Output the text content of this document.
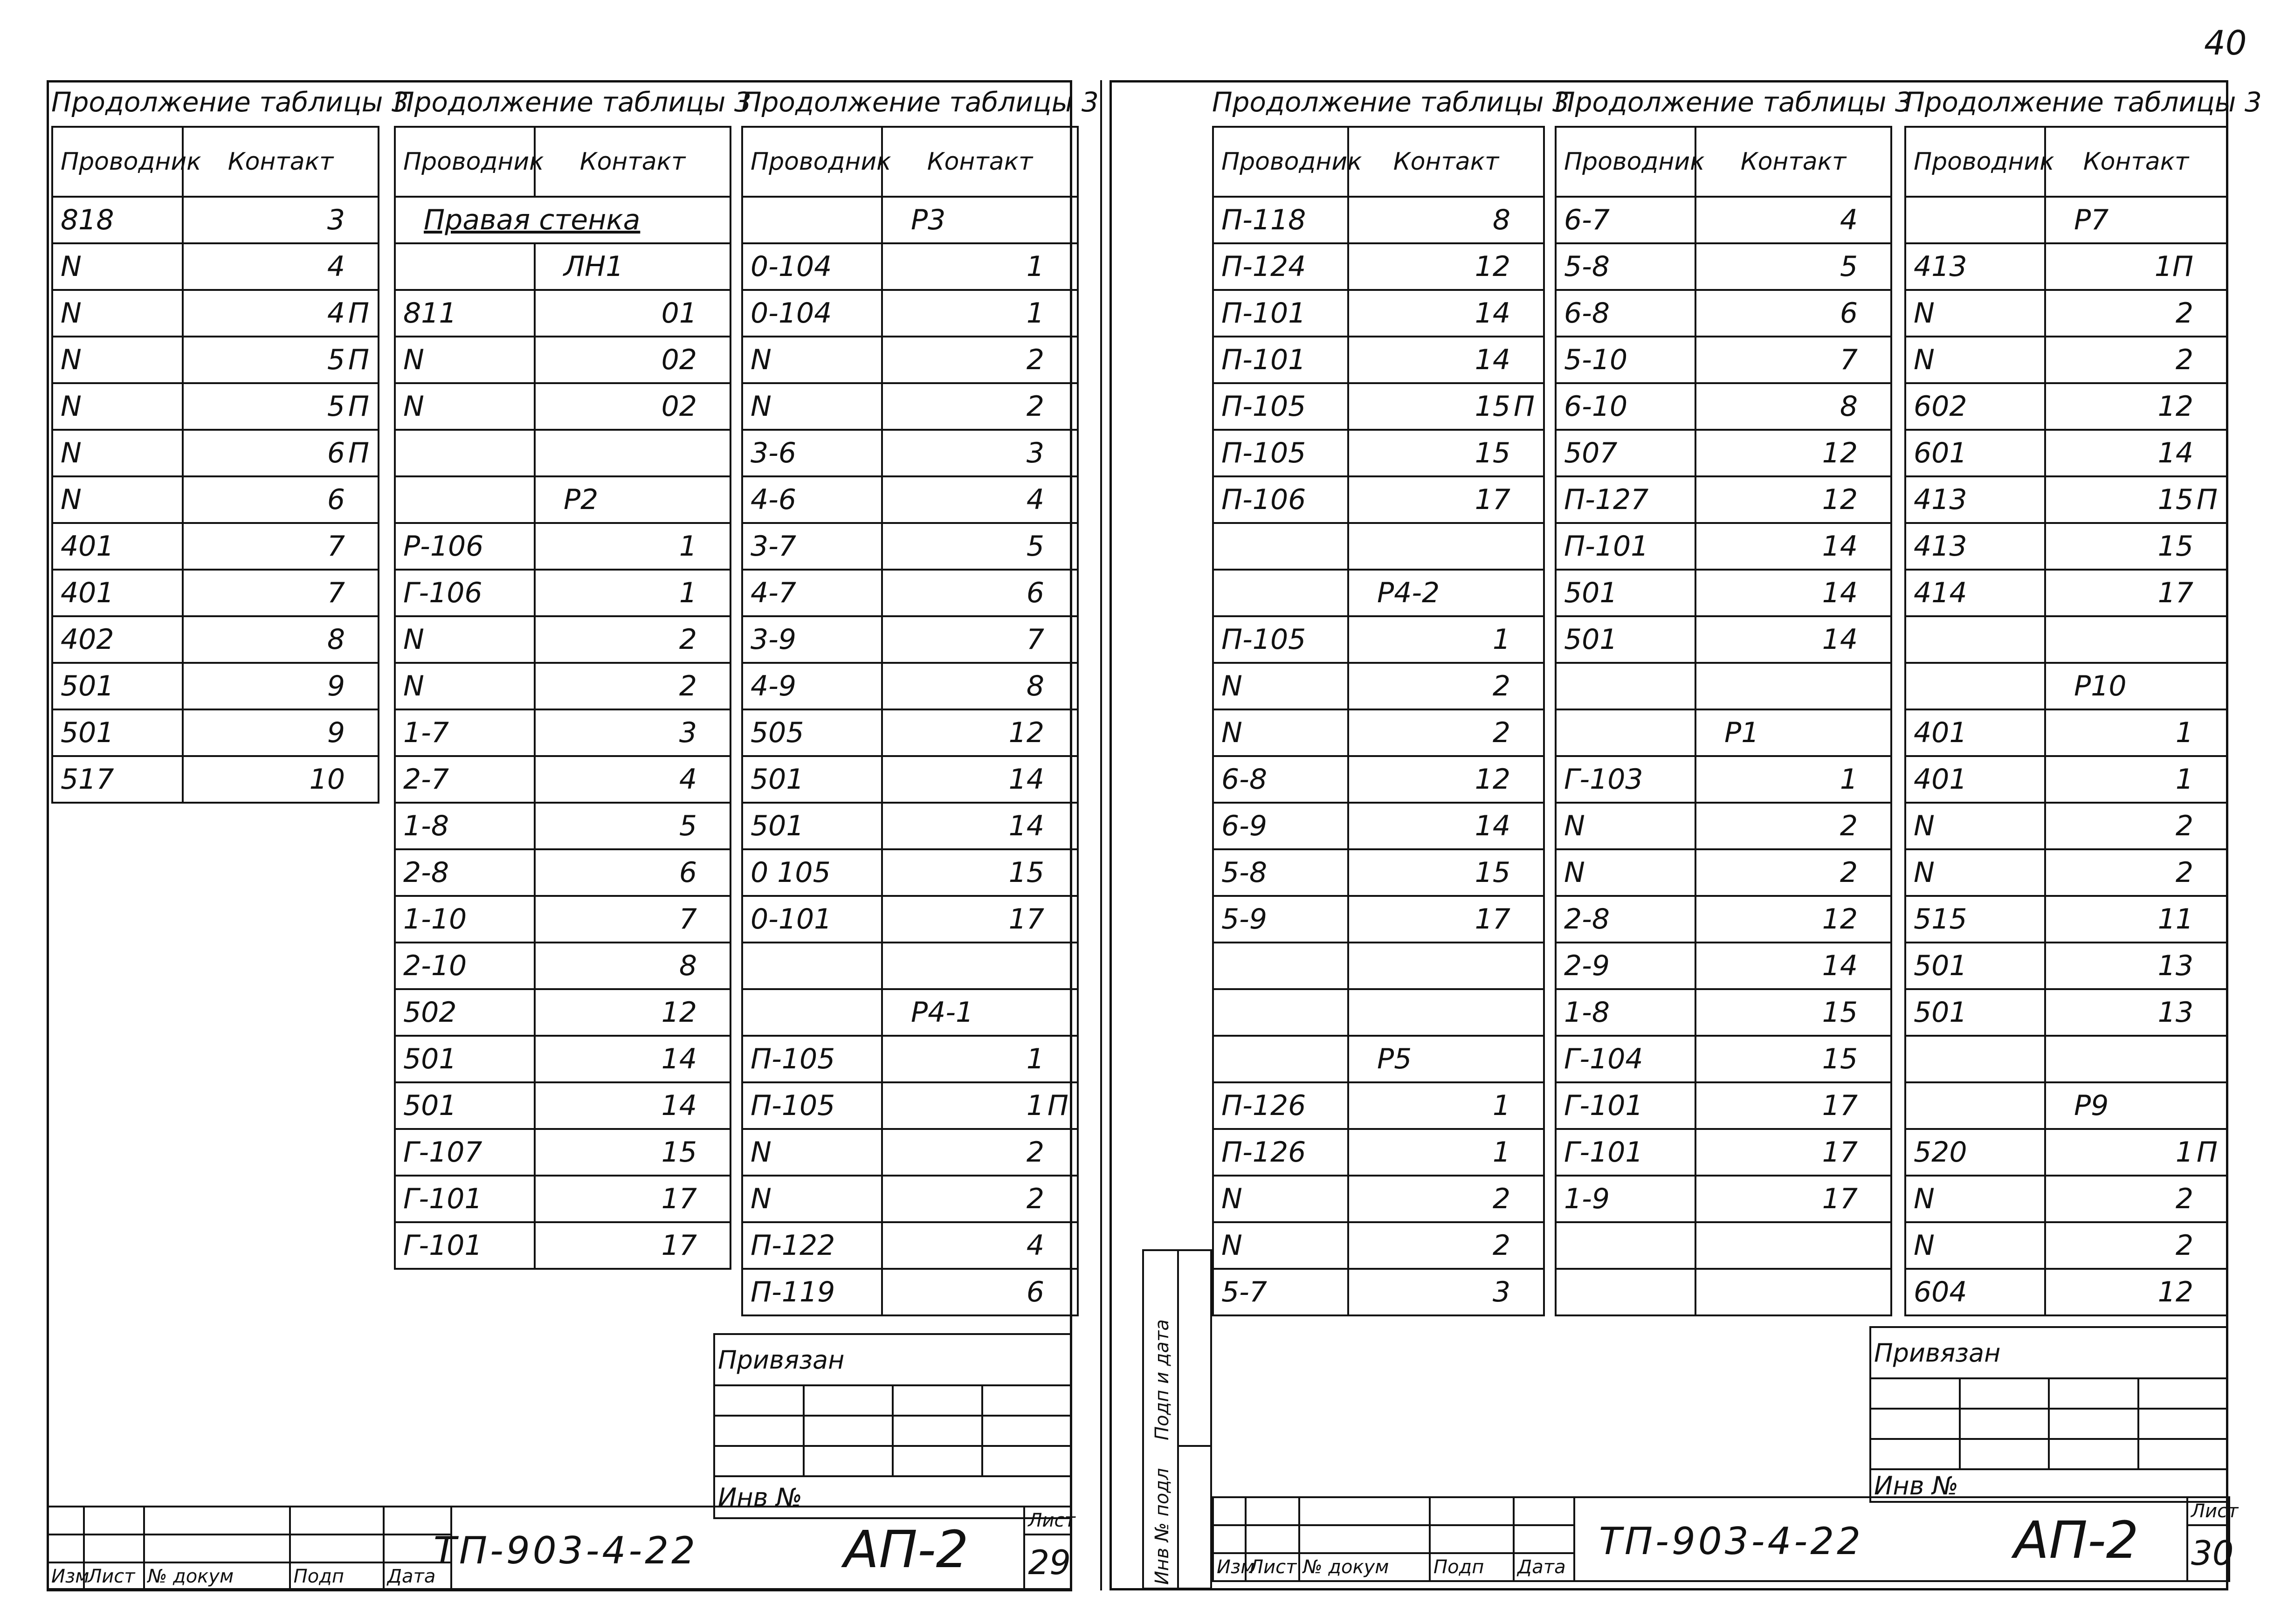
40
Продолжение таблицы 3
Проводник	Контакт
818	3

N	4

N	4 П

N	5 П

N	5 П

N	6 П

N	6

401	7

401	7

402	8

501	9

501	9

517	10
Продолжение таблицы 3
Проводник	Контакт
Правая стенка	
	ЛН1

811	01

N	02

N	02

	Р2

Р-106	1

Г-106	1

N	2

N	2

1-7	3

2-7	4

1-8	5

2-8	6

1-10	7

2-10	8

502	12

501	14

501	14

Г-107	15

Г-101	17

Г-101	17
Продолжение таблицы 3
Проводник	Контакт
	Р3

0-104	1

0-104	1

N	2

N	2

3-6	3

4-6	4

3-7	5

4-7	6

3-9	7

4-9	8

505	12

501	14

501	14

0 105	15

0-101	17

	Р4-1

П-105	1

П-105	1 П

N	2

N	2

П-122	4

П-119	6
Продолжение таблицы 3
Проводник	Контакт
П-118	8

П-124	12

П-101	14

П-101	14

П-105	15 П

П-105	15

П-106	17

	Р4-2

П-105	1

N	2

N	2

6-8	12

6-9	14

5-8	15

5-9	17

	Р5

П-126	1

П-126	1

N	2

N	2

5-7	3
Продолжение таблицы 3
Проводник	Контакт
6-7	4

5-8	5

6-8	6

5-10	7

6-10	8

507	12

П-127	12

П-101	14

501	14

501	14

	Р1

Г-103	1

N	2

N	2

2-8	12

2-9	14

1-8	15

Г-104	15

Г-101	17

Г-101	17

1-9	17

Продолжение таблицы 3
Проводник	Контакт
	Р7

413	1П

N	2

N	2

602	12

601	14

413	15 П

413	15

414	17

	Р10

401	1

401	1

N	2

N	2

515	11

501	13

501	13

	Р9

520	1 П

N	2

N	2

604	12
Привязан			

Инв №			
						Лист
						29
Изм	Лист	№ докум	Подп	Дата		
ТП-903-4-22	АП-2
Привязан			

Инв №			
						Лист
						30
Изм	Лист	№ докум	Подп	Дата		
ТП-903-4-22	АП-2
Инв № подл
Подп и дата
